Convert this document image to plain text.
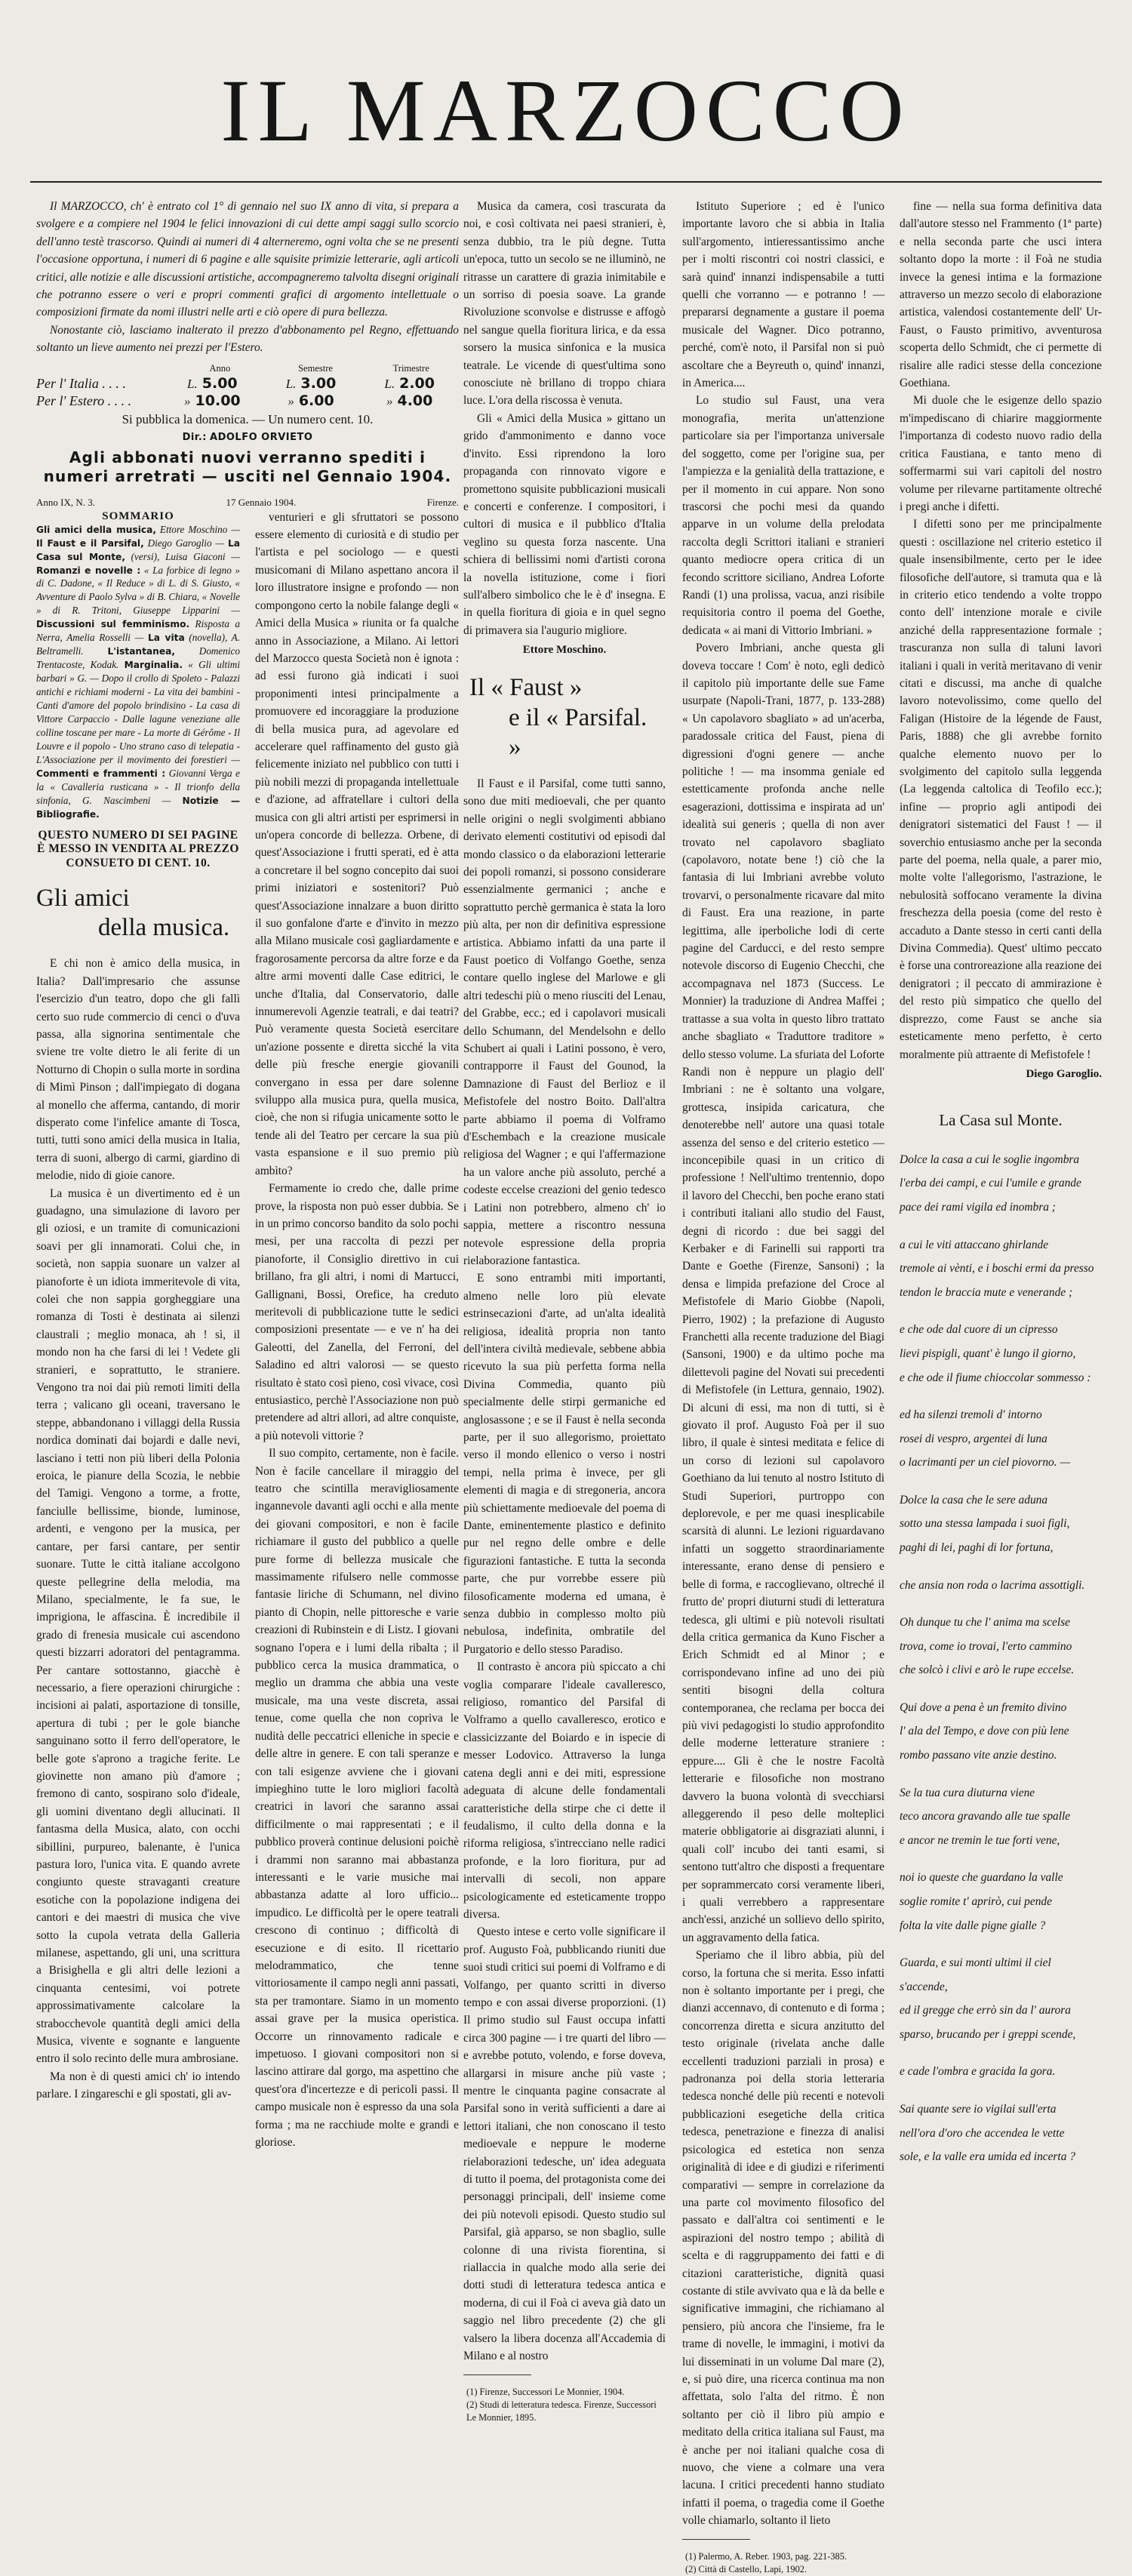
IL MARZOCCO

Il MARZOCCO, ch' è entrato col 1° di gennaio nel suo IX anno di vita, si prepara a svolgere e a compiere nel 1904 le felici innovazioni di cui dette ampi saggi sullo scorcio dell'anno testè trascorso. Quindi ai numeri di 4 alterneremo, ogni volta che se ne presenti l'occasione opportuna, i numeri di 6 pagine e alle squisite primizie letterarie, agli articoli critici, alle notizie e alle discussioni artistiche, accompagneremo talvolta disegni originali che potranno essere o veri e propri commenti grafici di argomento intellettuale o composizioni firmate da nomi illustri nelle arti e ciò opere di pura bellezza.

Nonostante ciò, lasciamo inalterato il prezzo d'abbonamento pel Regno, effettuando soltanto un lieve aumento nei prezzi per l'Estero.

Anno	Semestre	Trimestre
Per l' Italia . . . .	L. 5.00	L. 3.00	L. 2.00
Per l' Estero . . . .	» 10.00	» 6.00	» 4.00
Si pubblica la domenica. — Un numero cent. 10.
Dir.: ADOLFO ORVIETO
Agli abbonati nuovi verranno spediti i numeri arretrati — usciti nel Gennaio 1904.
Anno IX, N. 3.	17 Gennaio 1904.	Firenze.
SOMMARIO
Gli amici della musica, Ettore Moschino — Il Faust e il Parsifal, Diego Garoglio — La Casa sul Monte, (versi), Luisa Giaconi — Romanzi e novelle : « La forbice di legno » di C. Dadone, « Il Reduce » di L. di S. Giusto, « Avventure di Paolo Sylva » di B. Chiara, « Novelle » di R. Tritoni, Giuseppe Lipparini — Discussioni sul femminismo. Risposta a Nerra, Amelia Rosselli — La vita (novella), A. Beltramelli. L'istantanea, Domenico Trentacoste, Kodak. Marginalia. « Gli ultimi barbari » G. — Dopo il crollo di Spoleto - Palazzi antichi e richiami moderni - La vita dei bambini - Canti d'amore del popolo brindisino - La casa di Vittore Carpaccio - Dalle lagune veneziane alle colline toscane per mare - La morte di Gérôme - Il Louvre e il popolo - Uno strano caso di telepatia - L'Associazione per il movimento dei forestieri — Commenti e frammenti : Giovanni Verga e la « Cavalleria rusticana » - Il trionfo della sinfonia, G. Nascimbeni — Notizie — Bibliografie.
QUESTO NUMERO DI SEI PAGINE È MESSO IN VENDITA AL PREZZO CONSUETO DI CENT. 10.
Gli amici
della musica.

E chi non è amico della musica, in Italia? Dall'impresario che assunse l'esercizio d'un teatro, dopo che gli fallì certo suo rude commercio di cenci o d'uva passa, alla signorina sentimentale che sviene tre volte dietro le ali ferite di un Notturno di Chopin o sulla morte in sordina di Mimì Pinson ; dall'impiegato di dogana al monello che afferma, cantando, di morir disperato come l'infelice amante di Tosca, tutti, tutti sono amici della musica in Italia, terra di suoni, albergo di carmi, giardino di melodie, nido di gioie canore.

La musica è un divertimento ed è un guadagno, una simulazione di lavoro per gli oziosi, e un tramite di comunicazioni soavi per gli innamorati. Colui che, in società, non sappia suonare un valzer al pianoforte è un idiota immeritevole di vita, colei che non sappia gorgheggiare una romanza di Tosti è destinata ai silenzi claustrali ; meglio monaca, ah ! sì, il mondo non ha che farsi di lei ! Vedete gli stranieri, e soprattutto, le straniere. Vengono tra noi dai più remoti limiti della terra ; valicano gli oceani, traversano le steppe, abbandonano i villaggi della Russia nordica dominati dai bojardi e dalle nevi, lasciano i tetti non più liberi della Polonia eroica, le pianure della Scozia, le nebbie del Tamigi. Vengono a torme, a frotte, fanciulle bellissime, bionde, luminose, ardenti, e vengono per la musica, per cantare, per farsi cantare, per sentir suonare. Tutte le città italiane accolgono queste pellegrine della melodia, ma Milano, specialmente, le fa sue, le imprigiona, le affascina. È incredibile il grado di frenesia musicale cui ascendono questi bizzarri adoratori del pentagramma. Per cantare sottostanno, giacchè è necessario, a fiere operazioni chirurgiche : incisioni ai palati, asportazione di tonsille, apertura di tubi ; per le gole bianche sanguinano sotto il ferro dell'operatore, le belle gote s'aprono a tragiche ferite. Le giovinette non amano più d'amore ; fremono di canto, sospirano solo d'ideale, gli uomini diventano degli allucinati. Il fantasma della Musica, alato, con occhi sibillini, purpureo, balenante, è l'unica pastura loro, l'unica vita. E quando avrete congiunto queste stravaganti creature esotiche con la popolazione indigena dei cantori e dei maestri di musica che vive sotto la cupola vetrata della Galleria milanese, aspettando, gli uni, una scrittura a Brisighella e gli altri delle lezioni a cinquanta centesimi, voi potrete approssimativamente calcolare la strabocchevole quantità degli amici della Musica, vivente e sognante e languente entro il solo recinto delle mura ambrosiane.

Ma non è di questi amici ch' io intendo parlare. I zingareschi e gli spostati, gli av-

venturieri e gli sfruttatori se possono essere elemento di curiosità e di studio per l'artista e pel sociologo — e questi musicomani di Milano aspettano ancora il loro illustratore insigne e profondo — non compongono certo la nobile falange degli « Amici della Musica » riunita or fa qualche anno in Associazione, a Milano. Ai lettori del Marzocco questa Società non è ignota : ad essi furono già indicati i suoi proponimenti intesi principalmente a promuovere ed incoraggiare la produzione di bella musica pura, ad agevolare ed accelerare quel raffinamento del gusto già felicemente iniziato nel pubblico con tutti i più nobili mezzi di propaganda intellettuale e d'azione, ad affratellare i cultori della musica con gli altri artisti per esprimersi in un'opera concorde di bellezza. Orbene, di quest'Associazione i frutti sperati, ed è atta a concretare il bel sogno concepito dai suoi primi iniziatori e sostenitori? Può quest'Associazione innalzare a buon diritto il suo gonfalone d'arte e d'invito in mezzo alla Milano musicale così gagliardamente e fragorosamente percorsa da altre forze e da altre armi moventi dalle Case editrici, le unche d'Italia, dal Conservatorio, dalle innumerevoli Agenzie teatrali, e dai teatri? Può veramente questa Società esercitare un'azione possente e diretta sicché la vita delle più fresche energie giovanili convergano in essa per dare solenne sviluppo alla musica pura, quella musica, cioè, che non si rifugia unicamente sotto le tende ali del Teatro per cercare la sua più vasta espansione e il suo premio più ambìto?

Fermamente io credo che, dalle prime prove, la risposta non può esser dubbia. Se in un primo concorso bandito da solo pochi mesi, per una raccolta di pezzi per pianoforte, il Consiglio direttivo in cui brillano, fra gli altri, i nomi di Martucci, Gallignani, Bossi, Orefice, ha creduto meritevoli di pubblicazione tutte le sedici composizioni presentate — e ve n' ha dei Galeotti, del Zanella, del Ferroni, del Saladino ed altri valorosi — se questo risultato è stato così pieno, così vivace, così entusiastico, perchè l'Associazione non può pretendere ad altri allori, ad altre conquiste, a più notevoli vittorie ?

Il suo compito, certamente, non è facile. Non è facile cancellare il miraggio del teatro che scintilla meravigliosamente ingannevole davanti agli occhi e alla mente dei giovani compositori, e non è facile richiamare il gusto del pubblico a quelle pure forme di bellezza musicale che massimamente rifulsero nelle commosse fantasie liriche di Schumann, nel divino pianto di Chopin, nelle pittoresche e varie creazioni di Rubinstein e di Listz. I giovani sognano l'opera e i lumi della ribalta ; il pubblico cerca la musica drammatica, o meglio un dramma che abbia una veste musicale, ma una veste discreta, assai tenue, come quella che non copriva le nudità delle peccatrici elleniche in specie e delle altre in genere. E con tali speranze e con tali esigenze avviene che i giovani impieghino tutte le loro migliori facoltà creatrici in lavori che saranno assai difficilmente o mai rappresentati ; e il pubblico proverà continue delusioni poichè i drammi non saranno mai abbastanza interessanti e le varie musiche mai abbastanza adatte al loro ufficio... impudico. Le difficoltà per le opere teatrali crescono di continuo ; difficoltà di esecuzione e di esito. Il ricettario melodrammatico, che tenne vittoriosamente il campo negli anni passati, sta per tramontare. Siamo in un momento assai grave per la musica operistica. Occorre un rinnovamento radicale e impetuoso. I giovani compositori non si lascino attirare dal gorgo, ma aspettino che quest'ora d'incertezze e di pericoli passi. Il campo musicale non è espresso da una sola forma ; ma ne racchiude molte e grandi e gloriose.

Musica da camera, così trascurata da noi, e così coltivata nei paesi stranieri, è, senza dubbio, tra le più degne. Tutta un'epoca, tutto un secolo se ne illuminò, ne ritrasse un carattere di grazia inimitabile e un sorriso di poesia soave. La grande Rivoluzione sconvolse e distrusse e affogò nel sangue quella fioritura lirica, e da essa sorsero la musica sinfonica e la musica teatrale. Le vicende di quest'ultima sono conosciute nè brillano di troppo chiara luce. L'ora della riscossa è venuta.

Gli « Amici della Musica » gittano un grido d'ammonimento e danno voce d'invito. Essi riprendono la loro propaganda con rinnovato vigore e promettono squisite pubblicazioni musicali e concerti e conferenze. I compositori, i cultori di musica e il pubblico d'Italia veglino su questa forza nascente. Una schiera di bellissimi nomi d'artisti corona la novella istituzione, come i fiori sull'albero simbolico che le è d' insegna. E in quella fioritura di gioia e in quel segno di primavera sia l'augurio migliore.

Ettore Moschino.
Il « Faust »
e il « Parsifal. »

Il Faust e il Parsifal, come tutti sanno, sono due miti medioevali, che per quanto nelle origini o negli svolgimenti abbiano derivato elementi costitutivi od episodi dal mondo classico o da elaborazioni letterarie dei popoli romanzi, si possono considerare essenzialmente germanici ; anche e soprattutto perchè germanica è stata la loro più alta, per non dir definitiva espressione artistica. Abbiamo infatti da una parte il Faust poetico di Volfango Goethe, senza contare quello inglese del Marlowe e gli altri tedeschi più o meno riusciti del Lenau, del Grabbe, ecc.; ed i capolavori musicali dello Schumann, del Mendelsohn e dello Schubert ai quali i Latini possono, è vero, contrapporre il Faust del Gounod, la Damnazione di Faust del Berlioz e il Mefistofele del nostro Boito. Dall'altra parte abbiamo il poema di Volframo d'Eschembach e la creazione musicale religiosa del Wagner ; e qui l'affermazione ha un valore anche più assoluto, perché a codeste eccelse creazioni del genio tedesco i Latini non potrebbero, almeno ch' io sappia, mettere a riscontro nessuna notevole espressione della propria rielaborazione fantastica.

E sono entrambi miti importanti, almeno nelle loro più elevate estrinsecazioni d'arte, ad un'alta idealità religiosa, idealità propria non tanto dell'intera civiltà medievale, sebbene abbia ricevuto la sua più perfetta forma nella Divina Commedia, quanto più specialmente delle stirpi germaniche ed anglosassone ; e se il Faust è nella seconda parte, per il suo allegorismo, proiettato verso il mondo ellenico o verso i nostri tempi, nella prima è invece, per gli elementi di magia e di stregoneria, ancora più schiettamente medioevale del poema di Dante, eminentemente plastico e definito pur nel regno delle ombre e delle figurazioni fantastiche. E tutta la seconda parte, che pur vorrebbe essere più filosoficamente moderna ed umana, è senza dubbio in complesso molto più nebulosa, indefinita, ombratile del Purgatorio e dello stesso Paradiso.

Il contrasto è ancora più spiccato a chi voglia comparare l'ideale cavalleresco, religioso, romantico del Parsifal di Volframo a quello cavalleresco, erotico e classicizzante del Boiardo e in ispecie di messer Lodovico. Attraverso la lunga catena degli anni e dei miti, espressione adeguata di alcune delle fondamentali caratteristiche della stirpe che ci dette il feudalismo, il culto della donna e la riforma religiosa, s'intrecciano nelle radici profonde, e la loro fioritura, pur ad intervalli di secoli, non appare psicologicamente ed esteticamente troppo diversa.

Questo intese e certo volle significare il prof. Augusto Foà, pubblicando riuniti due suoi studi critici sui poemi di Volframo e di Volfango, per quanto scritti in diverso tempo e con assai diverse proporzioni. (1) Il primo studio sul Faust occupa infatti circa 300 pagine — i tre quarti del libro — e avrebbe potuto, volendo, e forse doveva, allargarsi in misure anche più vaste ; mentre le cinquanta pagine consacrate al Parsifal sono in verità sufficienti a dare ai lettori italiani, che non conoscano il testo medioevale e neppure le moderne rielaborazioni tedesche, un' idea adeguata di tutto il poema, del protagonista come dei personaggi principali, dell' insieme come dei più notevoli episodi. Questo studio sul Parsifal, già apparso, se non sbaglio, sulle colonne di una rivista fiorentina, si riallaccia in qualche modo alla serie dei dotti studi di letteratura tedesca antica e moderna, di cui il Foà ci aveva già dato un saggio nel libro precedente (2) che gli valsero la libera docenza all'Accademia di Milano e al nostro

(1) Firenze, Successori Le Monnier, 1904.
(2) Studi di letteratura tedesca. Firenze, Successori Le Monnier, 1895.

Istituto Superiore ; ed è l'unico importante lavoro che si abbia in Italia sull'argomento, intieressantissimo anche per i molti riscontri coi nostri classici, e sarà quind' innanzi indispensabile a tutti quelli che vorranno — e potranno ! — prepararsi degnamente a gustare il poema musicale del Wagner. Dico potranno, perché, com'è noto, il Parsifal non si può ascoltare che a Beyreuth o, quind' innanzi, in America....

Lo studio sul Faust, una vera monografia, merita un'attenzione particolare sia per l'importanza universale del soggetto, come per l'origine sua, per l'ampiezza e la genialità della trattazione, e per il momento in cui appare. Non sono trascorsi che pochi mesi da quando apparve in un volume della prelodata raccolta degli Scrittori italiani e stranieri quanto mediocre opera critica di un fecondo scrittore siciliano, Andrea Loforte Randi (1) una prolissa, vacua, anzi risibile requisitoria contro il poema del Goethe, dedicata « ai mani di Vittorio Imbriani. »

Povero Imbriani, anche questa gli doveva toccare ! Com' è noto, egli dedicò il capitolo più importante delle sue Fame usurpate (Napoli-Trani, 1877, p. 133-288) « Un capolavoro sbagliato » ad un'acerba, paradossale critica del Faust, piena di digressioni d'ogni genere — anche politiche ! — ma insomma geniale ed estetticamente profonda anche nelle esagerazioni, dottissima e inspirata ad un' idealità sui generis ; quella di non aver trovato nel capolavoro sbagliato (capolavoro, notate bene !) ciò che la fantasia di lui Imbriani avrebbe voluto trovarvi, o personalmente ricavare dal mito di Faust. Era una reazione, in parte legittima, alle iperboliche lodi di certe pagine del Carducci, e del resto sempre notevole discorso di Eugenio Checchi, che accompagnava nel 1873 (Success. Le Monnier) la traduzione di Andrea Maffei ; trattasse a sua volta in questo libro trattato anche sbagliato « Traduttore traditore » dello stesso volume. La sfuriata del Loforte Randi non è neppure un plagio dell' Imbriani : ne è soltanto una volgare, grottesca, insipida caricatura, che denoterebbe nell' autore una quasi totale assenza del senso e del criterio estetico — inconcepibile quasi in un critico di professione ! Nell'ultimo trentennio, dopo il lavoro del Checchi, ben poche erano stati i contributi italiani allo studio del Faust, degni di ricordo : due bei saggi del Kerbaker e di Farinelli sui rapporti tra Dante e Goethe (Firenze, Sansoni) ; la densa e limpida prefazione del Croce al Mefistofele di Mario Giobbe (Napoli, Pierro, 1902) ; la prefazione di Augusto Franchetti alla recente traduzione del Biagi (Sansoni, 1900) e da ultimo poche ma dilettevoli pagine del Novati sui precedenti di Mefistofele (in Lettura, gennaio, 1902). Di alcuni di essi, ma non di tutti, si è giovato il prof. Augusto Foà per il suo libro, il quale è sintesi meditata e felice di un corso di lezioni sul capolavoro Goethiano da lui tenuto al nostro Istituto di Studi Superiori, purtroppo con deplorevole, e per me quasi inesplicabile scarsità di alunni. Le lezioni riguardavano infatti un soggetto straordinariamente interessante, erano dense di pensiero e belle di forma, e raccoglievano, oltreché il frutto de' propri diuturni studi di letteratura tedesca, gli ultimi e più notevoli risultati della critica germanica da Kuno Fischer a Erich Schmidt ed al Minor ; e corrispondevano infine ad uno dei più sentiti bisogni della coltura contemporanea, che reclama per bocca dei più vivi pedagogisti lo studio approfondito delle moderne letterature straniere : eppure.... Gli è che le nostre Facoltà letterarie e filosofiche non mostrano davvero la buona volontà di svecchiarsi alleggerendo il peso delle molteplici materie obbligatorie ai disgraziati alunni, i quali coll' incubo dei tanti esami, si sentono tutt'altro che disposti a frequentare per soprammercato corsi veramente liberi, i quali verrebbero a rappresentare anch'essi, anziché un sollievo dello spirito, un aggravamento della fatica.

Speriamo che il libro abbia, più del corso, la fortuna che si merita. Esso infatti non è soltanto importante per i pregi, che dianzi accennavo, di contenuto e di forma ; concorrenza diretta e sicura anzitutto del testo originale (rivelata anche dalle eccellenti traduzioni parziali in prosa) e padronanza poi della storia letteraria tedesca nonché delle più recenti e notevoli pubblicazioni esegetiche della critica tedesca, penetrazione e finezza di analisi psicologica ed estetica non senza originalità di idee e di giudizi e riferimenti comparativi — sempre in correlazione da una parte col movimento filosofico del passato e dall'altra coi sentimenti e le aspirazioni del nostro tempo ; abilità di scelta e di raggruppamento dei fatti e di citazioni caratteristiche, dignità quasi costante di stile avvivato qua e là da belle e significative immagini, che richiamano al pensiero, più ancora che l'insieme, fra le trame di novelle, le immagini, i motivi da lui disseminati in un volume Dal mare (2), e, si può dire, una ricerca continua ma non affettata, solo l'alta del ritmo. È non soltanto per ciò il libro più ampio e meditato della critica italiana sul Faust, ma è anche per noi italiani qualche cosa di nuovo, che viene a colmare una vera lacuna. I critici precedenti hanno studiato infatti il poema, o tragedia come il Goethe volle chiamarlo, soltanto il lieto

(1) Palermo, A. Reber. 1903, pag. 221-385.
(2) Città di Castello, Lapi, 1902.

fine — nella sua forma definitiva data dall'autore stesso nel Frammento (1ª parte) e nella seconda parte che usci intera soltanto dopo la morte : il Foà ne studia invece la genesi intima e la formazione attraverso un mezzo secolo di elaborazione artistica, valendosi costantemente dell' Ur-Faust, o Fausto primitivo, avventurosa scoperta dello Schmidt, che ci permette di risalire alle radici stesse della concezione Goethiana.

Mi duole che le esigenze dello spazio m'impediscano di chiarire maggiormente l'importanza di codesto nuovo radio della critica Faustiana, e tanto meno di soffermarmi sui vari capitoli del nostro volume per rilevarne partitamente oltreché i pregi anche i difetti.

I difetti sono per me principalmente questi : oscillazione nel criterio estetico il quale insensibilmente, certo per le idee filosofiche dell'autore, si tramuta qua e là in criterio etico tendendo a volte troppo conto dell' intenzione morale e civile anziché della rappresentazione formale ; trascuranza non sulla di taluni lavori italiani i quali in verità meritavano di venir citati e discussi, ma anche di qualche lavoro notevolissimo, come quello del Faligan (Histoire de la légende de Faust, Paris, 1888) che gli avrebbe fornito qualche elemento nuovo per lo svolgimento del capitolo sulla leggenda (La leggenda caltolica di Teofilo ecc.); infine — proprio agli antipodi dei denigratori sistematici del Faust ! — il soverchio entusiasmo anche per la seconda parte del poema, nella quale, a parer mio, molte volte l'allegorismo, l'astrazione, le nebulosità soffocano veramente la divina freschezza della poesia (come del resto è accaduto a Dante stesso in certi canti della Divina Commedia). Quest' ultimo peccato è forse una controreazione alla reazione dei denigratori ; il peccato di ammirazione è del resto più simpatico che quello del disprezzo, come Faust se anche sia esteticamente meno perfetto, è certo moralmente più attraente di Mefistofele !

Diego Garoglio.
La Casa sul Monte.
Dolce la casa a cui le soglie ingombra
l'erba dei campi, e cui l'umile e grande
pace dei rami vigila ed inombra ;
a cui le viti attaccano ghirlande
tremole ai vènti, e i boschi ermi da presso
tendon le braccia mute e venerande ;
e che ode dal cuore di un cipresso
lievi pispigli, quant' è lungo il giorno,
e che ode il fiume chioccolar sommesso :
ed ha silenzi tremoli d' intorno
rosei di vespro, argentei di luna
o lacrimanti per un ciel piovorno. —
Dolce la casa che le sere aduna
sotto una stessa lampada i suoi figli,
paghi di lei, paghi di lor fortuna,
che ansia non roda o lacrima assottigli.
Oh dunque tu che l' anima ma scelse
trova, come io trovai, l'erto cammino
che solcò i clivi e arò le rupe eccelse.
Qui dove a pena è un fremito divino
l' ala del Tempo, e dove con più lene
rombo passano vite anzie destino.
Se la tua cura diuturna viene
teco ancora gravando alle tue spalle
e ancor ne tremin le tue forti vene,
noi io queste che guardano la valle
soglie romite t' aprirò, cui pende
folta la vite dalle pigne gialle ?
Guarda, e sui monti ultimi il ciel s'accende,
ed il gregge che errò sin da l' aurora
sparso, brucando per i greppi scende,
e cade l'ombra e gracida la gora.
Sai quante sere io vigilai sull'erta
nell'ora d'oro che accendea le vette
sole, e la valle era umida ed incerta ?
